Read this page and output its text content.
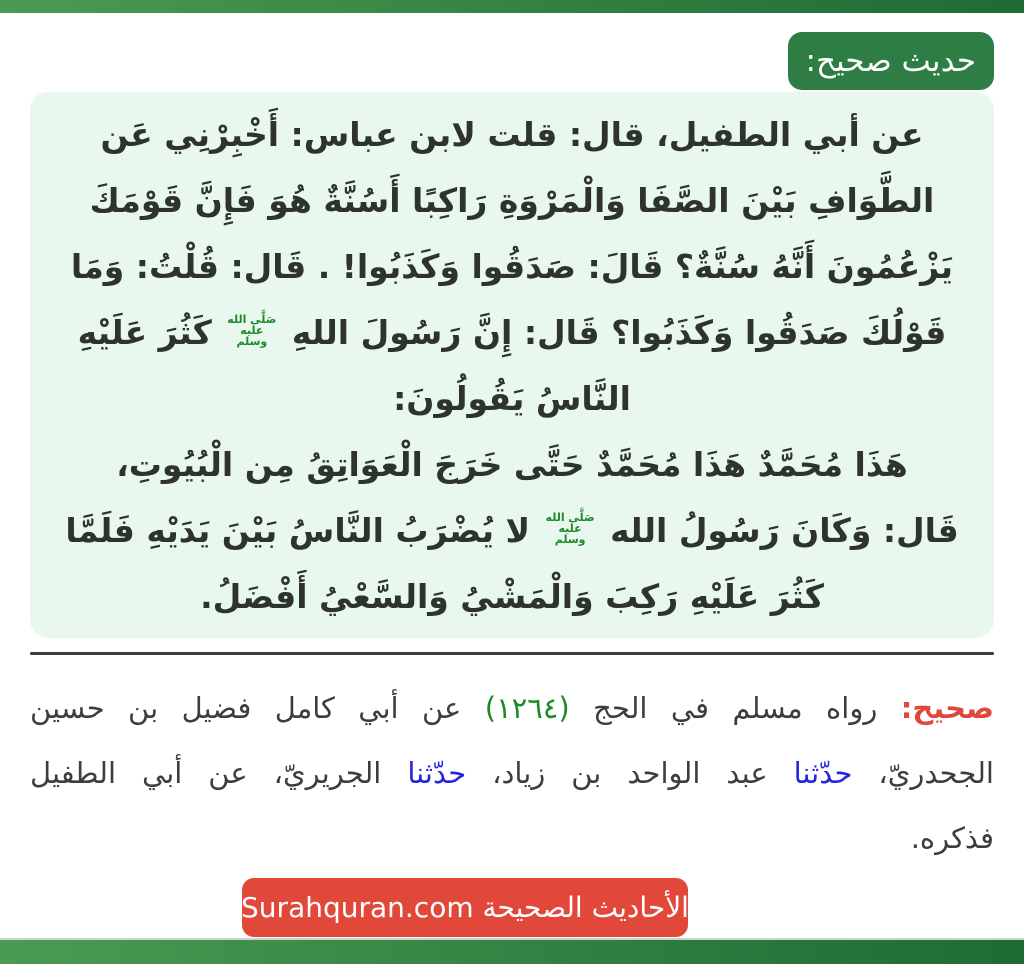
حديث صحيح:
عن أبي الطفيل، قال: قلت لابن عباس: أَخْبِرْنِي عَن
الطَّوَافِ بَيْنَ الصَّفَا وَالْمَرْوَةِ رَاكِبًا أَسُنَّةٌ هُوَ فَإِنَّ قَوْمَكَ
يَزْعُمُونَ أَنَّهُ سُنَّةٌ؟ قَالَ: صَدَقُوا وَكَذَبُوا! . قَال: قُلْتُ: وَمَا
قَوْلُكَ صَدَقُوا وَكَذَبُوا؟ قَال: إِنَّ رَسُولَ اللهِ
صَلَّى الله
عليه
وسلم
كَثُرَ عَلَيْهِ
النَّاسُ يَقُولُونَ:
هَذَا مُحَمَّدٌ هَذَا مُحَمَّدٌ حَتَّى خَرَجَ الْعَوَاتِقُ مِن الْبُيُوتِ،
قَال: وَكَانَ رَسُولُ الله
صَلَّى الله
عليه
وسلم
لا يُضْرَبُ النَّاسُ بَيْنَ يَدَيْهِ فَلَمَّا
كَثُرَ عَلَيْهِ رَكِبَ وَالْمَشْيُ وَالسَّعْيُ أَفْضَلُ.
صحيح: رواه مسلم في الحج (١٢٦٤) عن أبي كامل فضيل بن حسين
الجحدريّ، حدّثنا عبد الواحد بن زياد، حدّثنا الجريريّ، عن أبي الطفيل
فذكره.
الأحاديث الصحيحة Surahquran.com
